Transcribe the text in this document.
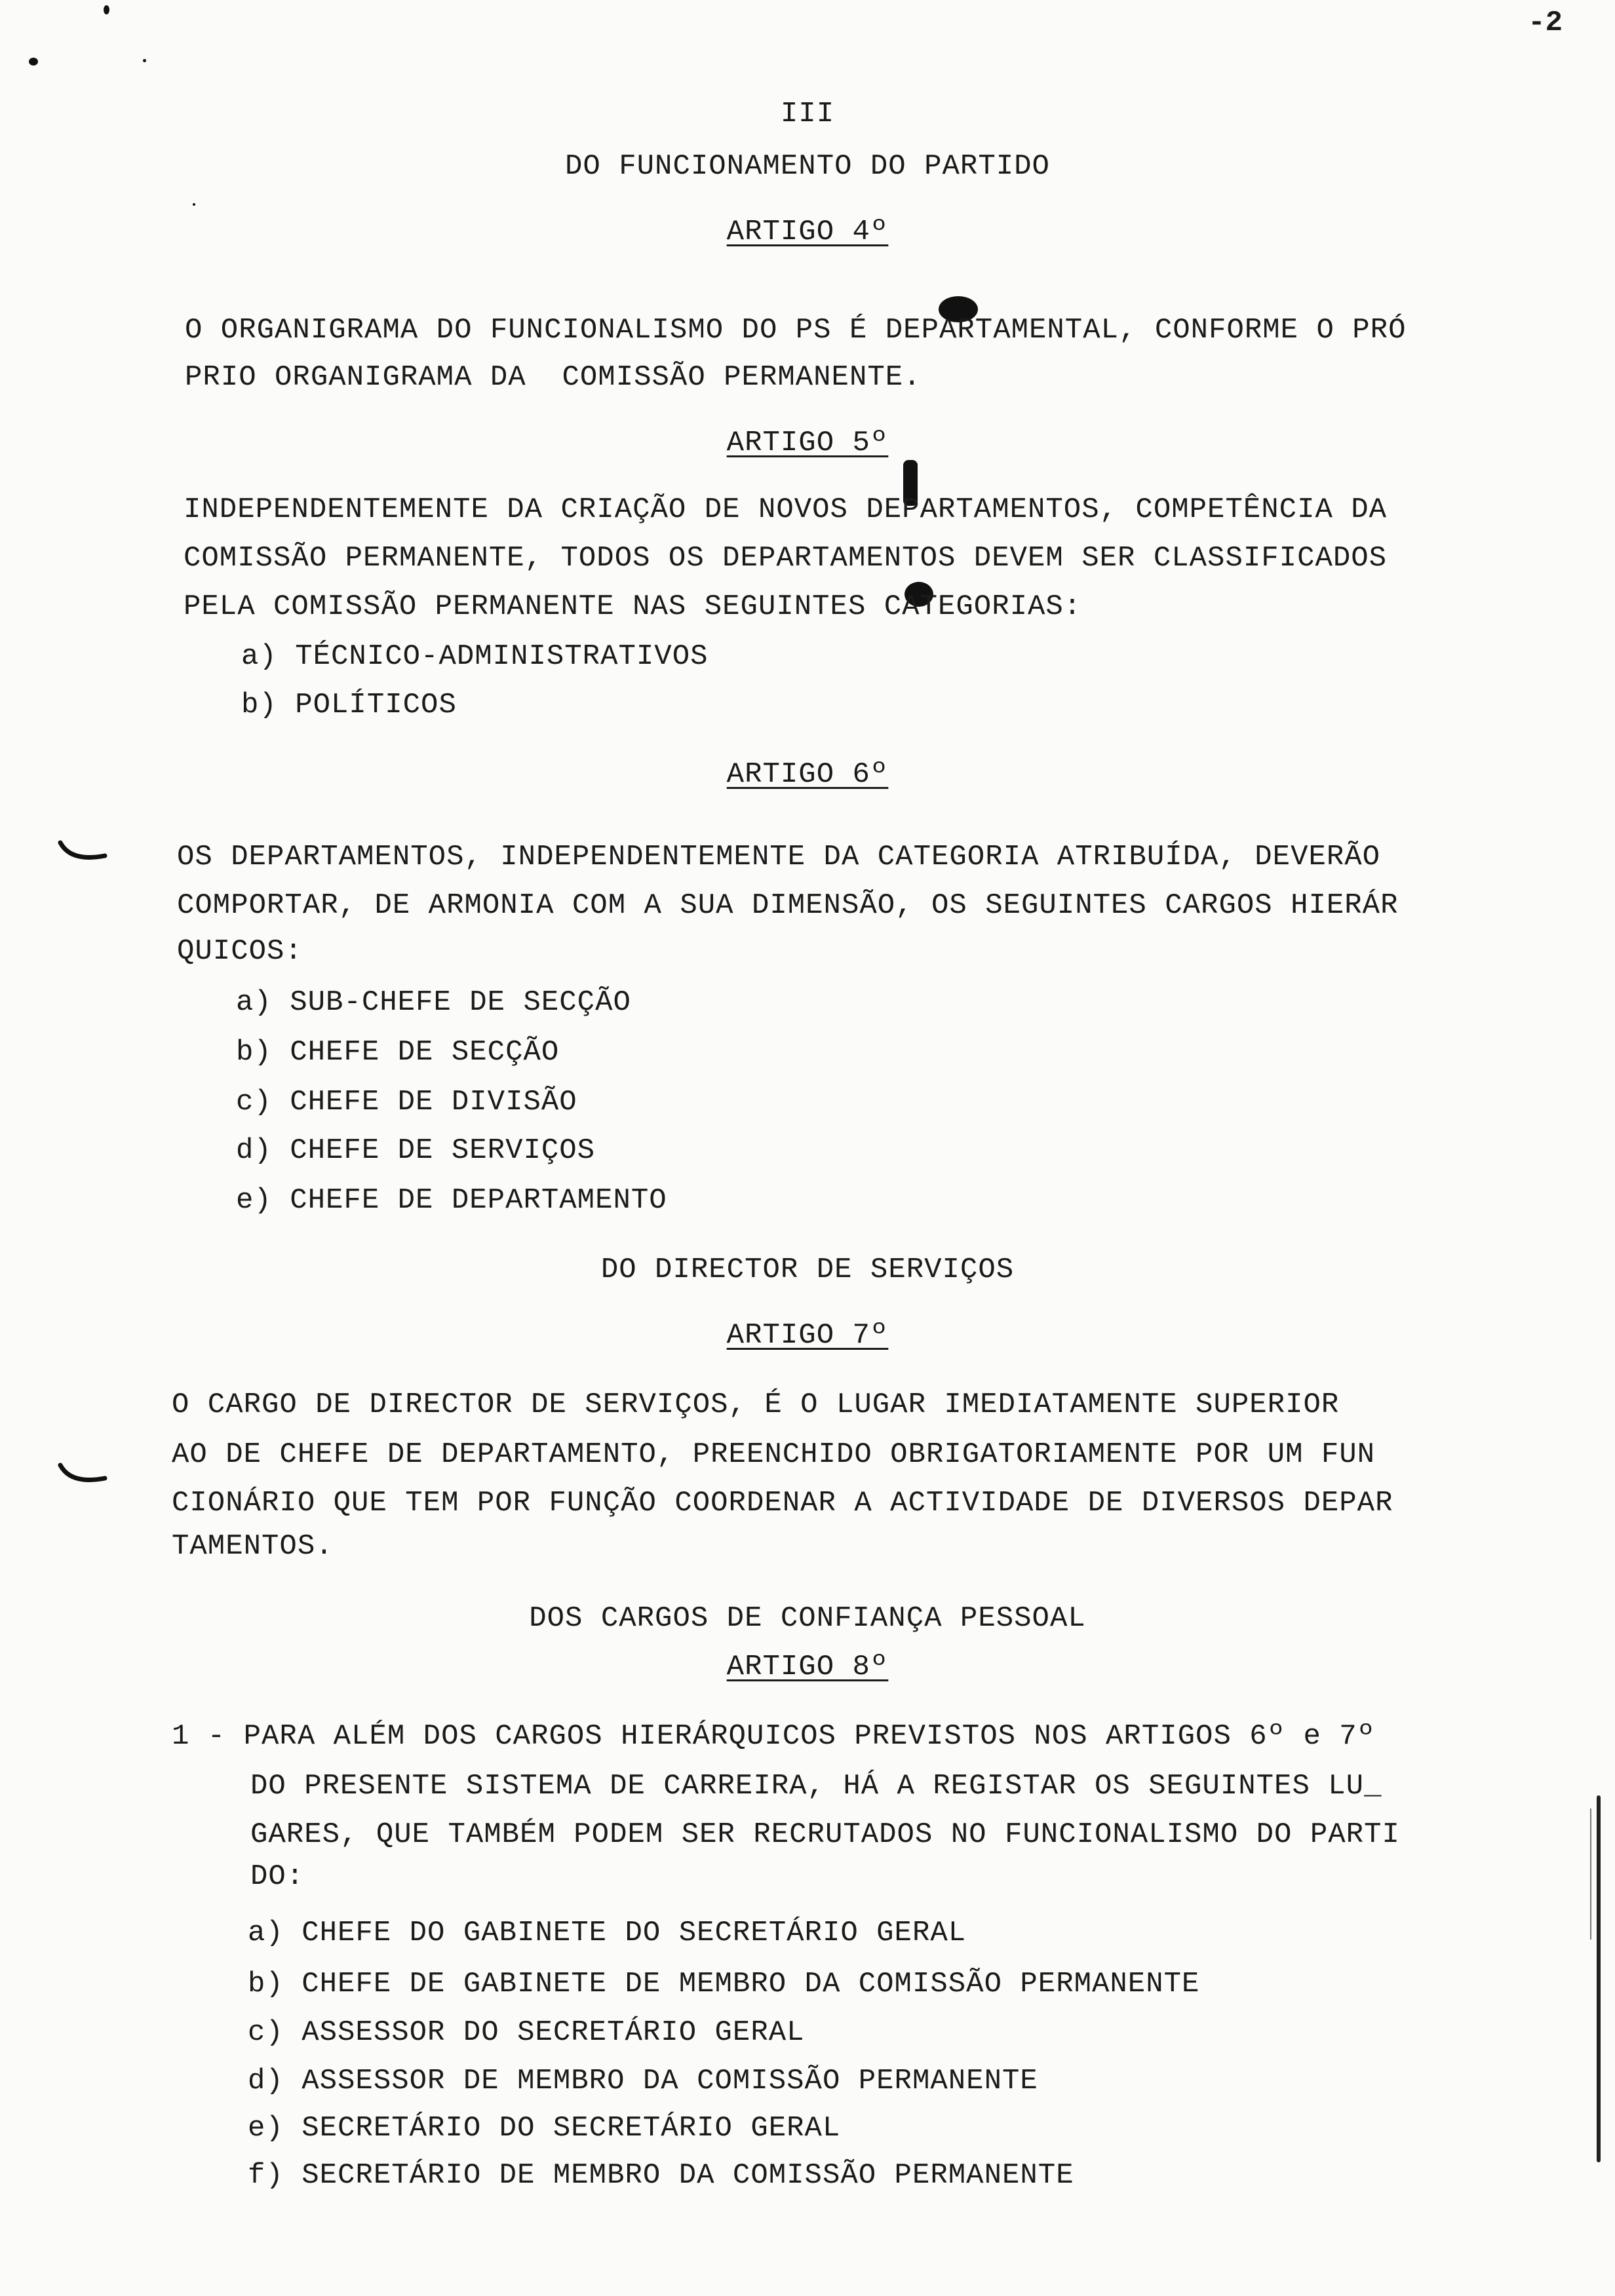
-2
III
DO FUNCIONAMENTO DO PARTIDO
ARTIGO 4º
O ORGANIGRAMA DO FUNCIONALISMO DO PS É DEPARTAMENTAL, CONFORME O PRÓ
PRIO ORGANIGRAMA DA  COMISSÃO PERMANENTE.
ARTIGO 5º
INDEPENDENTEMENTE DA CRIAÇÃO DE NOVOS DEPARTAMENTOS, COMPETÊNCIA DA
COMISSÃO PERMANENTE, TODOS OS DEPARTAMENTOS DEVEM SER CLASSIFICADOS
PELA COMISSÃO PERMANENTE NAS SEGUINTES CATEGORIAS:
a) TÉCNICO-ADMINISTRATIVOS
b) POLÍTICOS
ARTIGO 6º
OS DEPARTAMENTOS, INDEPENDENTEMENTE DA CATEGORIA ATRIBUÍDA, DEVERÃO
COMPORTAR, DE ARMONIA COM A SUA DIMENSÃO, OS SEGUINTES CARGOS HIERÁR
QUICOS:
a) SUB-CHEFE DE SECÇÃO
b) CHEFE DE SECÇÃO
c) CHEFE DE DIVISÃO
d) CHEFE DE SERVIÇOS
e) CHEFE DE DEPARTAMENTO
DO DIRECTOR DE SERVIÇOS
ARTIGO 7º
O CARGO DE DIRECTOR DE SERVIÇOS, É O LUGAR IMEDIATAMENTE SUPERIOR
AO DE CHEFE DE DEPARTAMENTO, PREENCHIDO OBRIGATORIAMENTE POR UM FUN
CIONÁRIO QUE TEM POR FUNÇÃO COORDENAR A ACTIVIDADE DE DIVERSOS DEPAR
TAMENTOS.
DOS CARGOS DE CONFIANÇA PESSOAL
ARTIGO 8º
1 - PARA ALÉM DOS CARGOS HIERÁRQUICOS PREVISTOS NOS ARTIGOS 6º e 7º
DO PRESENTE SISTEMA DE CARREIRA, HÁ A REGISTAR OS SEGUINTES LU_
GARES, QUE TAMBÉM PODEM SER RECRUTADOS NO FUNCIONALISMO DO PARTI
DO:
a) CHEFE DO GABINETE DO SECRETÁRIO GERAL
b) CHEFE DE GABINETE DE MEMBRO DA COMISSÃO PERMANENTE
c) ASSESSOR DO SECRETÁRIO GERAL
d) ASSESSOR DE MEMBRO DA COMISSÃO PERMANENTE
e) SECRETÁRIO DO SECRETÁRIO GERAL
f) SECRETÁRIO DE MEMBRO DA COMISSÃO PERMANENTE
